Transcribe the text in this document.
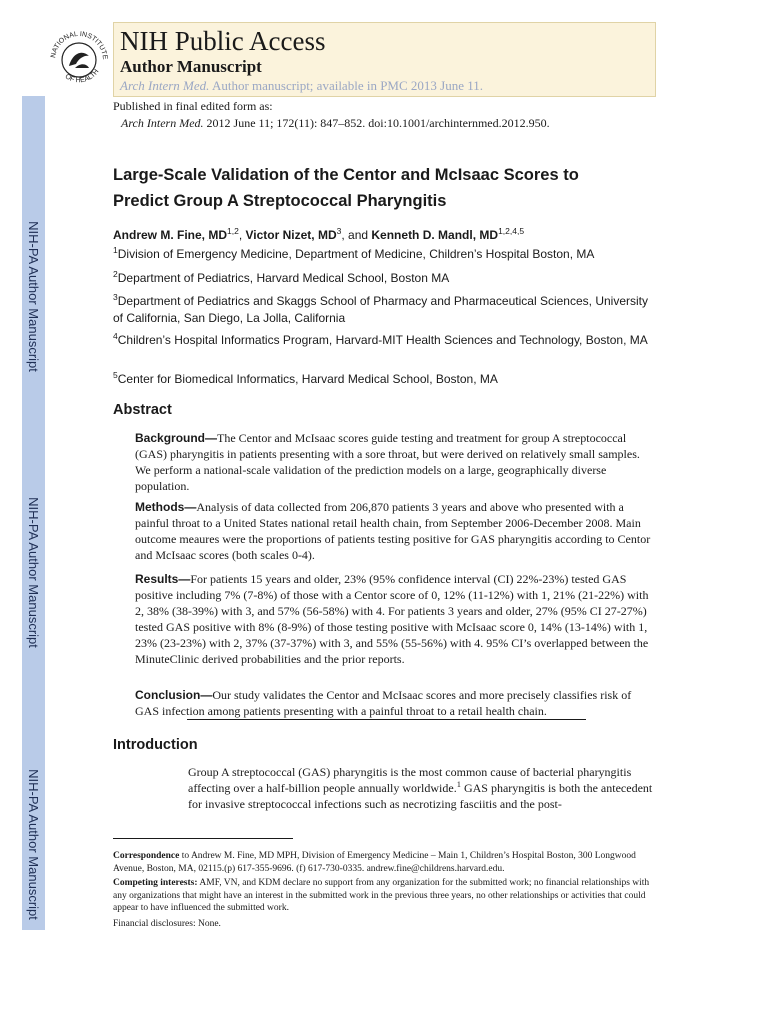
NIH-PA Author Manuscript
NIH-PA Author Manuscript
NIH-PA Author Manuscript
NATIONAL INSTITUTE
OF HEALTH
NIH Public Access
Author Manuscript
Arch Intern Med. Author manuscript; available in PMC 2013 June 11.
Published in final edited form as:
Arch Intern Med. 2012 June 11; 172(11): 847–852. doi:10.1001/archinternmed.2012.950.
Large-Scale Validation of the Centor and McIsaac Scores to
Predict Group A Streptococcal Pharyngitis
Andrew M. Fine, MD$^{1,2}$, Victor Nizet, $MD^3$, and Kenneth D. Mandl, MD$^{1,2,4,5}$
$^1$Division of Emergency Medicine, Department of Medicine, Children’s Hospital Boston, MA
$^2$Department of Pediatrics, Harvard Medical School, Boston MA
$^3$Department of Pediatrics and Skaggs School of Pharmacy and Pharmaceutical Sciences, University of California, San Diego, La Jolla, California
$^4$Children’s Hospital Informatics Program, Harvard-MIT Health Sciences and Technology, Boston, MA
$^5$Center for Biomedical Informatics, Harvard Medical School, Boston, MA
Abstract

Background—The Centor and McIsaac scores guide testing and treatment for group A streptococcal (GAS) pharyngitis in patients presenting with a sore throat, but were derived on relatively small samples. We perform a national-scale validation of the prediction models on a large, geographically diverse population.

Methods—Analysis of data collected from 206,870 patients 3 years and above who presented with a painful throat to a United States national retail health chain, from September 2006-December 2008. Main outcome meaures were the proportions of patients testing positive for GAS pharyngitis according to Centor and McIsaac scores (both scales 0-4).

Results—For patients 15 years and older, 23% (95% confidence interval (CI) 22%-23%) tested GAS positive including 7% (7-8%) of those with a Centor score of 0, 12% (11-12%) with 1, 21% (21-22%) with 2, 38% (38-39%) with 3, and 57% (56-58%) with 4. For patients 3 years and older, 27% (95% CI 27-27%) tested GAS positive with 8% (8-9%) of those testing positive with McIsaac score 0, 14% (13-14%) with 1, 23% (23-23%) with 2, 37% (37-37%) with 3, and 55% (55-56%) with 4. 95% CI’s overlapped between the MinuteClinic derived probabilities and the prior reports.

Conclusion—Our study validates the Centor and McIsaac scores and more precisely classifies risk of GAS infection among patients presenting with a painful throat to a retail health chain.

Introduction

Group A streptococcal (GAS) pharyngitis is the most common cause of bacterial pharyngitis affecting over a half-billion people annually worldwide.$^1$ GAS pharyngitis is both the antecedent for invasive streptococcal infections such as necrotizing fasciitis and the post-

Correspondence to Andrew M. Fine, MD MPH, Division of Emergency Medicine – Main 1, Children’s Hospital Boston, 300 Longwood Avenue, Boston, MA, 02115.(p) 617-355-9696. (f) 617-730-0335. andrew.fine@childrens.harvard.edu.

Competing interests: AMF, VN, and KDM declare no support from any organization for the submitted work; no financial relationships with any organizations that might have an interest in the submitted work in the previous three years, no other relationships or activities that could appear to have influenced the submitted work.

Financial disclosures: None.
